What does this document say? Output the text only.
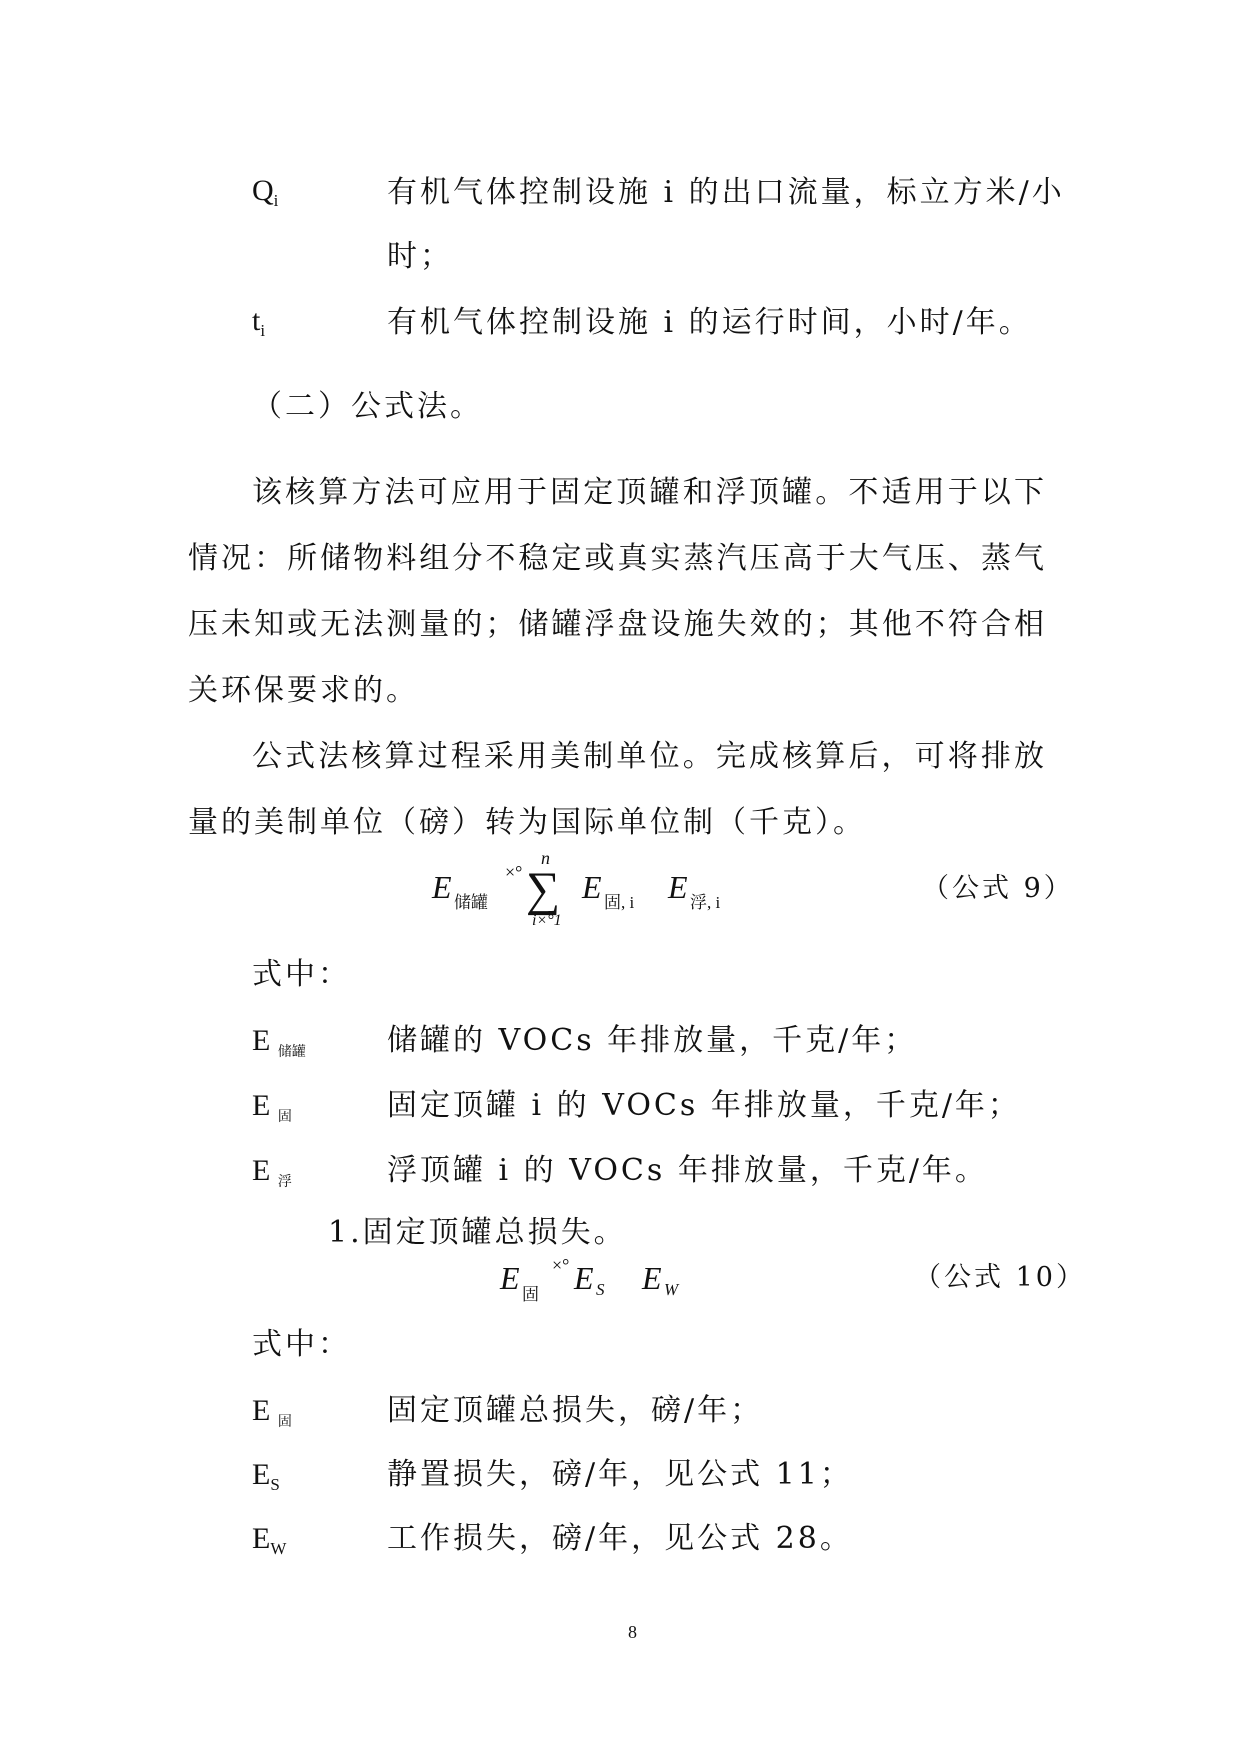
$Q_i$	有机气体控制设施 i 的出口流量，标立方米/小
时；
$t_i$	有机气体控制设施 i 的运行时间，小时/年。
（二）公式法。
该核算方法可应用于固定顶罐和浮顶罐。不适用于以下
情况：所储物料组分不稳定或真实蒸汽压高于大气压、蒸气
压未知或无法测量的；储罐浮盘设施失效的；其他不符合相
关环保要求的。
公式法核算过程采用美制单位。完成核算后，可将排放
量的美制单位（磅）转为国际单位制（千克）。
E 储罐
×°
n
∑
i×°1
E 固, i E 浮, i	（公式 9）
式中：
E $_{储罐}$	储罐的 VOCs 年排放量，千克/年；
E $_固$	固定顶罐 i 的 VOCs 年排放量，千克/年；
E $_浮$	浮顶罐 i 的 VOCs 年排放量，千克/年。
1.固定顶罐总损失。
E 固
×° E S E W	（公式 10）
式中：
E $_固$	固定顶罐总损失，磅/年；
$E_S$	静置损失，磅/年，见公式 11；
$E_W$	工作损失，磅/年，见公式 28。
8
